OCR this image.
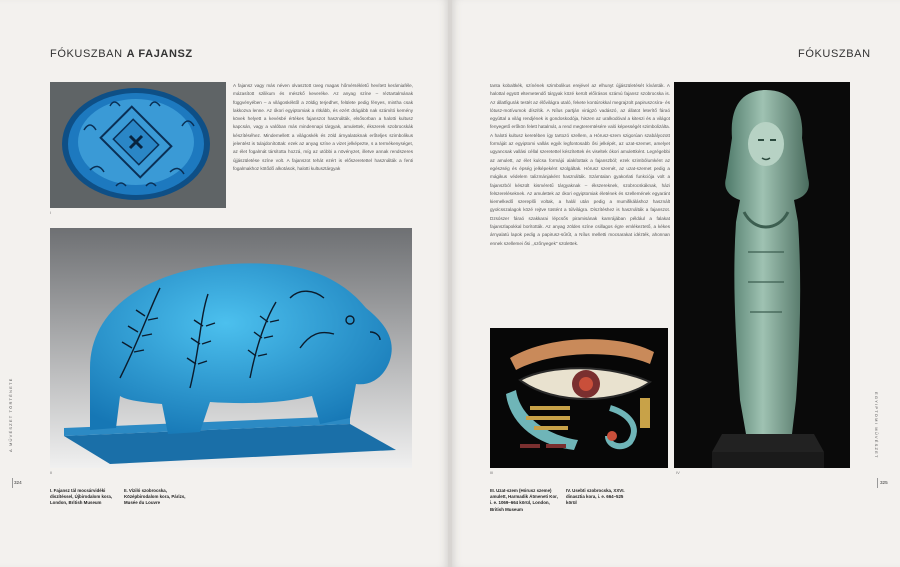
FÓKUSZBAN A FAJANSZ
I

A fajansz vagy más néven olvasztott üveg magas hőmérsékletű hevített kerámiaféle, mázasított szilikum és mészkő keveréke. Az anyag színe – réztartalmának függvényében – a világoskéktől a zöldig terjedhet, felülete pedig fényes, mintha csak lakkozva lenne. Az ókori egyiptomiak a ritkább, és ezért drágább nak számító kemény kövek helyett a kevésbé értékes fajanszot használták, elsősorban a halotti kultusz kapcsán, vagy a valóban más mindennapi tárgyak, amulettek, ékszerek szobrocskák készítéséhez. Mindemellett a világoskék és zöld árnyalatoknak erőteljes szimbolikus jelentést is tulajdonítottak: ezek az anyag színe a vizet jelképezte, s a termékenységet, az élet fogalmát társította hozzá, míg az utóbbi a növényzet, illetve annak rendszeres újjászületése színe volt. A fajanszot tehát ezért is előszeretettel használták a fenti fogalmakhoz kötődő alkotások, halotti kultusztárgyak

II
324
I. Fajansz tál mocsárvidéki díszítéssel, Újbirodalom kora, London, British Museum
II. Víziló szobrocska, Középbirodalom kora, Párizs, Musée du Louvre
FÓKUSZBAN

tanta kobaltkék, színének szimbolikus erejével az elhunyt újjászületését kívánták. A halottal együtt eltemetendő tárgyak közé került előírásos számú fajansz szobrocska is. Az állatfigurák testét az élővilágra utaló, fekete kontúrokkal megrajzolt papiruszcsíra- és lótusz-motívumok díszítik. A Nílus partján virágzó vadászó, az állatot leterítő fáraó egyúttal a világ rendjének is gondoskodója, hiszen az uralkodóval a kiteszi és a világot fenyegető erőkön felett hatalmát, a rend megteremtésére való képességét szimbolizálta. A halotti kultusz keretében így tartozó szellem, a Hórusz-szem szigorúan szabályozott formáját az egyiptomi vallás egyik legfontosabb ősi jelképét, az uzat-szemet, amelyet ugyancsak vallási céllal szeretettel készítettek és viseltek ókori amulettként. Legrégebbi az amulett, az élet kulcsa formájú alakítottak a fajanszból; ezek szimbólumként az egészség és épség jelképeként szolgáltak. Hórusz szemét, az uzat-szemet pedig a mágikus védelem talizmánjaként használták. Számtalan gyakorlati funkciója volt a fajanszból készült kisméretű tárgyaknak – ékszereknek, szobrocskáknak, házi felszereléseknek. Az amulettek az ókori egyiptomiak életének és szellemének egyaránt kiemelkedő szereplői voltak, a halál után pedig a mumifikáláshoz használt gyolcsszalagok közé rejtve tüstént a túlvilágra. Díszítéshez is használták a fajanszot. Dzsószer fáraó szakkarai lépcsős piramisának kamrájában például a falakat fajanszlapokkal borították. Az anyag zöldes színe csillagos égre emlékeztető, a kékes árnyalatú lapok pedig a papirusz-sűrűt, a Nílus melletti mocsarakat idézték, ahonnan ennek szellemei ősi ,,szőnyegek" születtek.

III	IV
III. Uzat-szem (Hórusz szeme) amulett, Harmadik Átmeneti Kor, i. e. 1069–664 körül, London, British Museum
IV. Usebti szobrocska, XXVI. dinasztia kora, i. e. 664–525 körül
325
A MŰVÉSZET TÖRTÉNETE	EGYIPTOMI MŰVÉSZET
